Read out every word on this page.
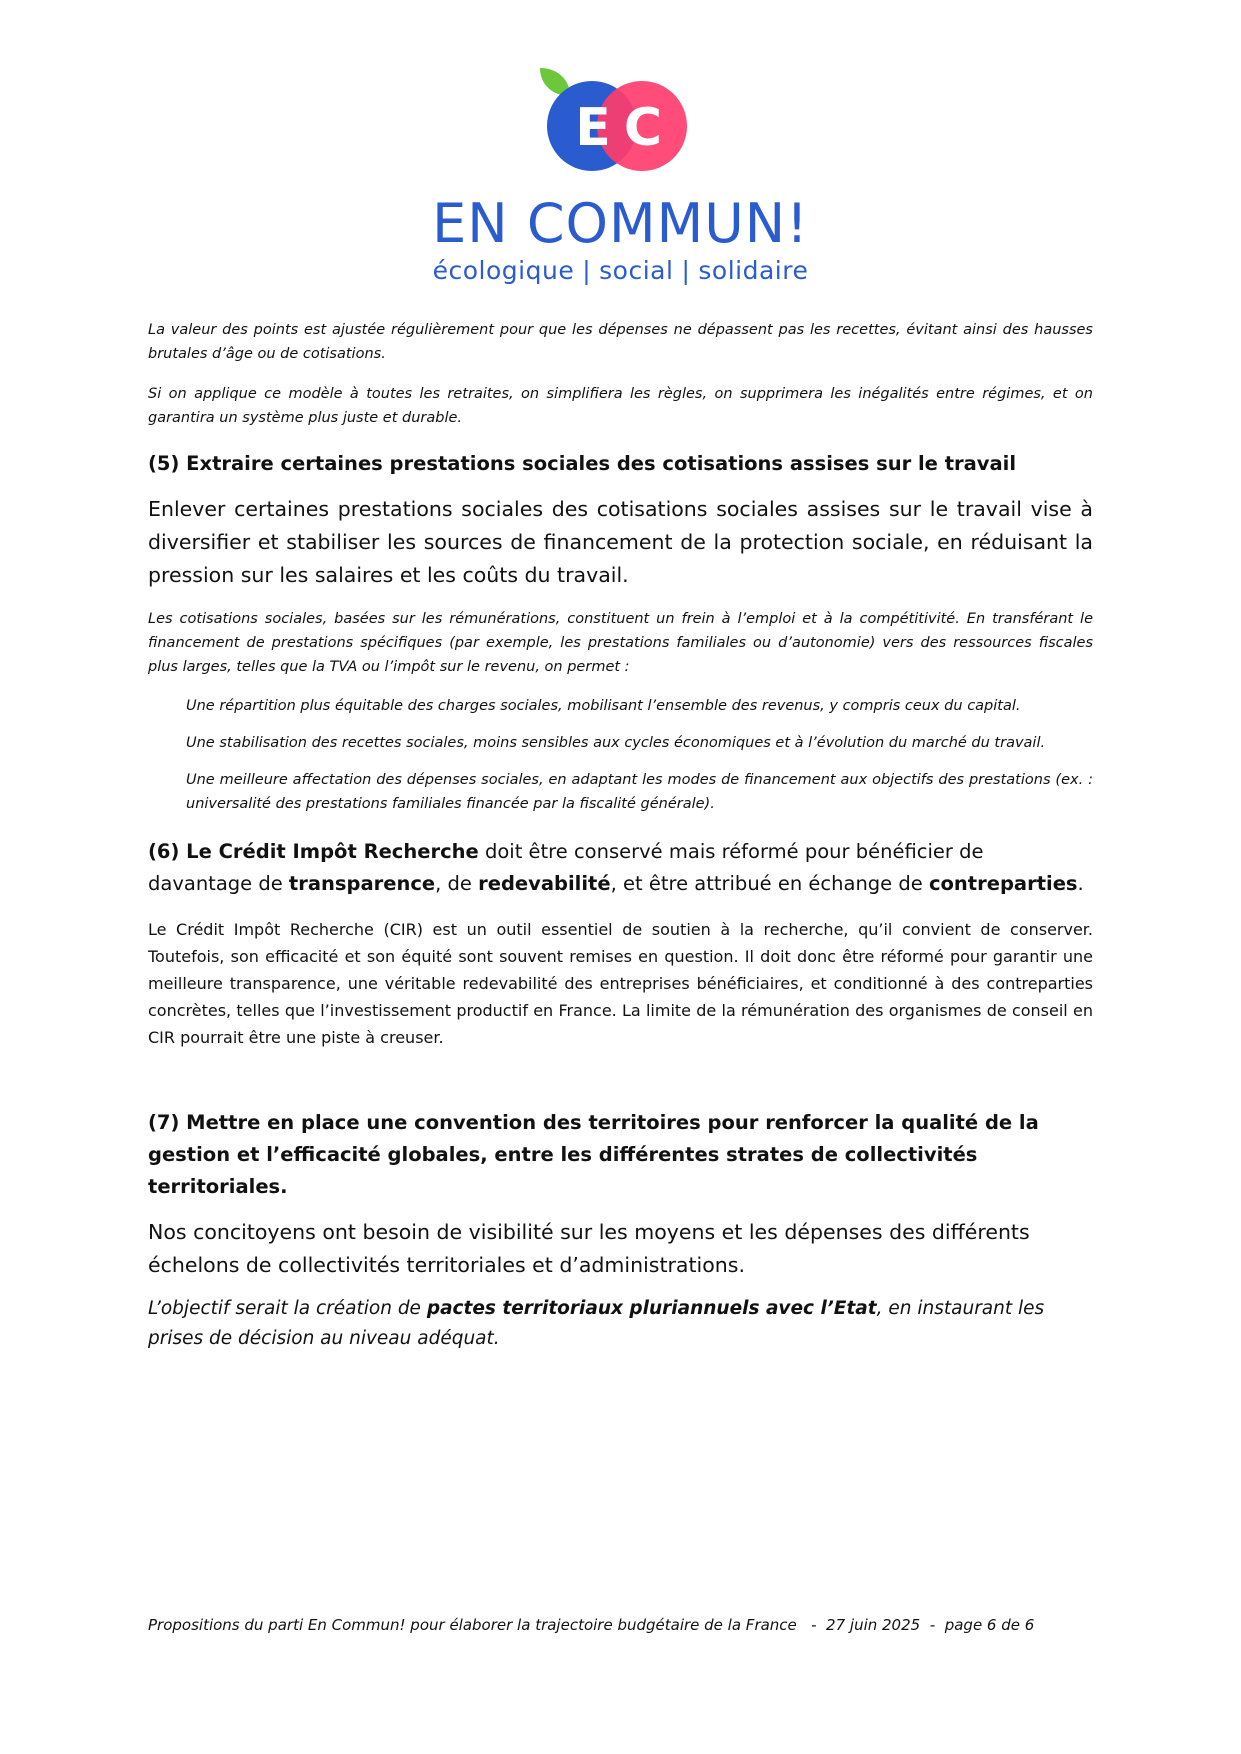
E C
EN COMMUN!
écologique | social | solidaire

La valeur des points est ajustée régulièrement pour que les dépenses ne dépassent pas les recettes, évitant ainsi des hausses brutales d’âge ou de cotisations.

Si on applique ce modèle à toutes les retraites, on simplifiera les règles, on supprimera les inégalités entre régimes, et on garantira un système plus juste et durable.

(5) Extraire certaines prestations sociales des cotisations assises sur le travail

Enlever certaines prestations sociales des cotisations sociales assises sur le travail vise à diversifier et stabiliser les sources de financement de la protection sociale, en réduisant la pression sur les salaires et les coûts du travail.

Les cotisations sociales, basées sur les rémunérations, constituent un frein à l’emploi et à la compétitivité. En transférant le financement de prestations spécifiques (par exemple, les prestations familiales ou d’autonomie) vers des ressources fiscales plus larges, telles que la TVA ou l’impôt sur le revenu, on permet :

Une répartition plus équitable des charges sociales, mobilisant l’ensemble des revenus, y compris ceux du capital.

Une stabilisation des recettes sociales, moins sensibles aux cycles économiques et à l’évolution du marché du travail.

Une meilleure affectation des dépenses sociales, en adaptant les modes de financement aux objectifs des prestations (ex. : universalité des prestations familiales financée par la fiscalité générale).

(6) Le Crédit Impôt Recherche doit être conservé mais réformé pour bénéficier de davantage de transparence, de redevabilité, et être attribué en échange de contreparties.

Le Crédit Impôt Recherche (CIR) est un outil essentiel de soutien à la recherche, qu’il convient de conserver. Toutefois, son efficacité et son équité sont souvent remises en question. Il doit donc être réformé pour garantir une meilleure transparence, une véritable redevabilité des entreprises bénéficiaires, et conditionné à des contreparties concrètes, telles que l’investissement productif en France. La limite de la rémunération des organismes de conseil en CIR pourrait être une piste à creuser.

(7) Mettre en place une convention des territoires pour renforcer la qualité de la gestion et l’efficacité globales, entre les différentes strates de collectivités territoriales.

Nos concitoyens ont besoin de visibilité sur les moyens et les dépenses des différents échelons de collectivités territoriales et d’administrations.

L’objectif serait la création de pactes territoriaux pluriannuels avec l’Etat, en instaurant les prises de décision au niveau adéquat.

Propositions du parti En Commun! pour élaborer la trajectoire budgétaire de la France   -  27 juin 2025  -  page 6 de 6
